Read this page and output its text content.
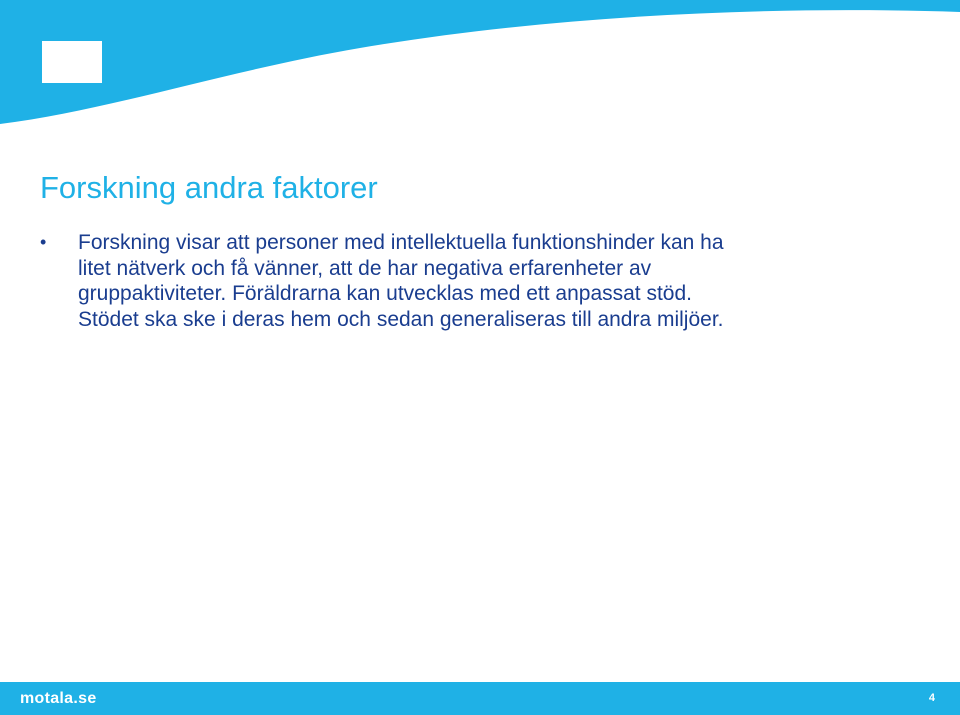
Forskning andra faktorer
• Forskning visar att personer med intellektuella funktionshinder kan ha
litet nätverk och få vänner, att de har negativa erfarenheter av
gruppaktiviteter. Föräldrarna kan utvecklas med ett anpassat stöd.
Stödet ska ske i deras hem och sedan generaliseras till andra miljöer.
motala.se	4
